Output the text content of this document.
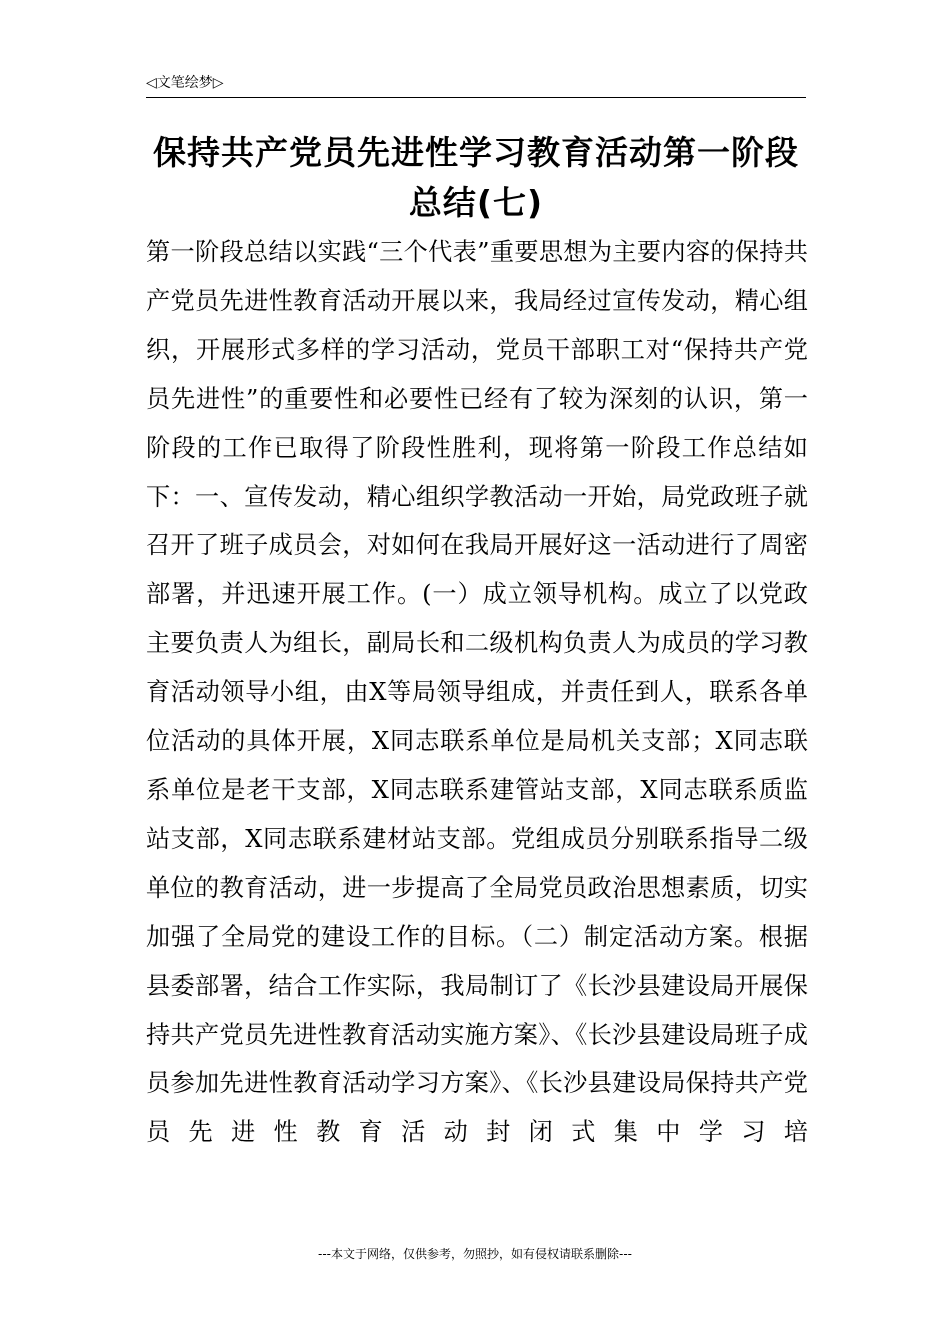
◁文笔绘梦▷
保持共产党员先进性学习教育活动第一阶段总结(七)

第一阶段总结以实践“三个代表”重要思想为主要内容的保持共产党员先进性教育活动开展以来，我局经过宣传发动，精心组织，开展形式多样的学习活动，党员干部职工对“保持共产党员先进性”的重要性和必要性已经有了较为深刻的认识，第一阶段的工作已取得了阶段性胜利，现将第一阶段工作总结如下：一、宣传发动，精心组织学教活动一开始，局党政班子就召开了班子成员会，对如何在我局开展好这一活动进行了周密部署，并迅速开展工作。(一）成立领导机构。成立了以党政主要负责人为组长，副局长和二级机构负责人为成员的学习教育活动领导小组，由X等局领导组成，并责任到人，联系各单位活动的具体开展，X同志联系单位是局机关支部；X同志联系单位是老干支部，X同志联系建管站支部，X同志联系质监站支部，X同志联系建材站支部。党组成员分别联系指导二级单位的教育活动，进一步提高了全局党员政治思想素质，切实加强了全局党的建设工作的目标。（二）制定活动方案。根据县委部署，结合工作实际，我局制订了《长沙县建设局开展保持共产党员先进性教育活动实施方案》、《长沙县建设局班子成员参加先进性教育活动学习方案》、《长沙县建设局保持共产党员先进性教育活动封闭式集中学习培

---本文于网络，仅供参考，勿照抄，如有侵权请联系删除---
